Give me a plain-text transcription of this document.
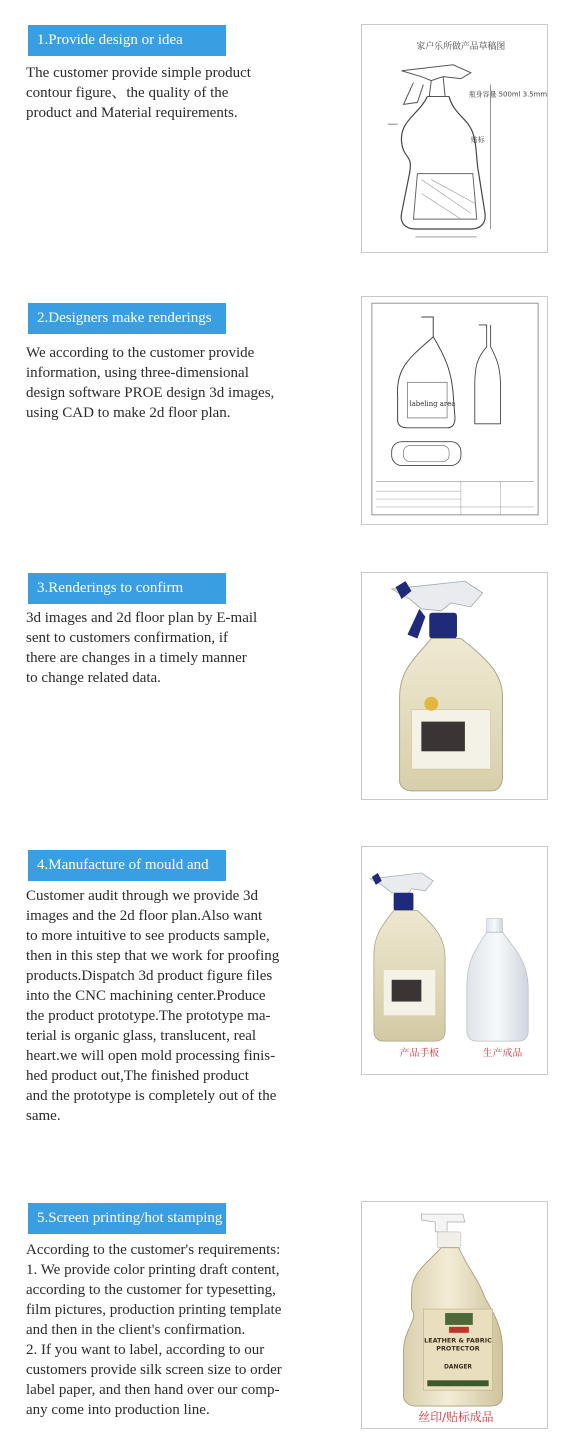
1.Provide design or idea

The customer provide simple product
contour figure、the quality of the
product and Material requirements.

家户乐所做产品草稿图
瓶身容量 500ml 3.5mm
贴标
2.Designers make renderings

We according to the customer provide
information, using three-dimensional
design software PROE design 3d images,
using CAD to make 2d floor plan.

labeling area
3.Renderings to confirm

3d images and 2d floor plan by E-mail
sent to customers confirmation, if
there are changes in a timely manner
to change related data.

4.Manufacture of mould and

Customer audit through we provide 3d
images and the 2d floor plan.Also want
to more intuitive to see products sample,
then in this step that we work for proofing
products.Dispatch 3d product figure files
into the CNC machining center.Produce
the product prototype.The prototype ma-
terial is organic glass, translucent, real
heart.we will open mold processing finis-
hed product out,The finished product
and the prototype is completely out of the
same.

产品手板	生产成品
5.Screen printing/hot stamping

According to the customer's requirements:
1. We provide color printing draft content,
according to the customer for typesetting,
film pictures, production printing template
and then in the client's confirmation.
2. If you want to label, according to our
customers provide silk screen size to order
label paper, and then hand over our comp-
any come into production line.

LEATHER & FABRIC
PROTECTOR
DANGER
丝印/贴标成品
